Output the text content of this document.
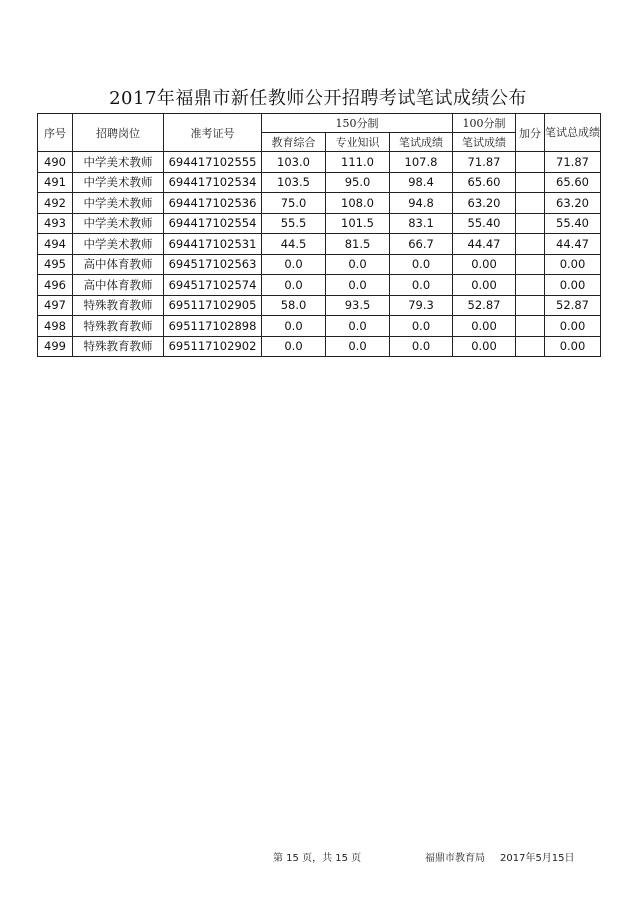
2017年福鼎市新任教师公开招聘考试笔试成绩公布
序号	招聘岗位	准考证号	150分制			100分制	加分	笔试总成绩
			教育综合	专业知识	笔试成绩	笔试成绩		
490	中学美术教师	694417102555	103.0	111.0	107.8	71.87		71.87
491	中学美术教师	694417102534	103.5	95.0	98.4	65.60		65.60
492	中学美术教师	694417102536	75.0	108.0	94.8	63.20		63.20
493	中学美术教师	694417102554	55.5	101.5	83.1	55.40		55.40
494	中学美术教师	694417102531	44.5	81.5	66.7	44.47		44.47
495	高中体育教师	694517102563	0.0	0.0	0.0	0.00		0.00
496	高中体育教师	694517102574	0.0	0.0	0.0	0.00		0.00
497	特殊教育教师	695117102905	58.0	93.5	79.3	52.87		52.87
498	特殊教育教师	695117102898	0.0	0.0	0.0	0.00		0.00
499	特殊教育教师	695117102902	0.0	0.0	0.0	0.00		0.00
第 15 页，共 15 页	福鼎市教育局 2017年5月15日
